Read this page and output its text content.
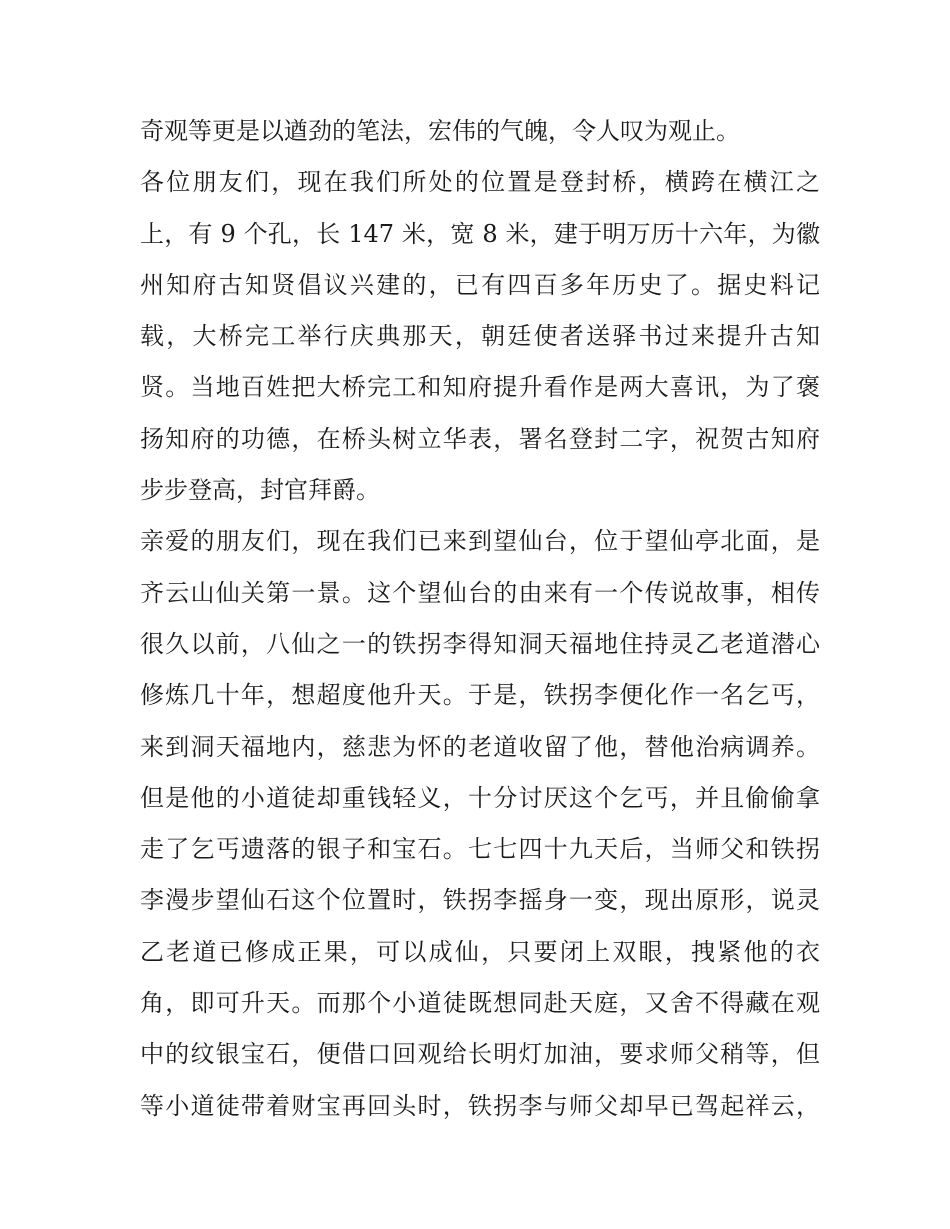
奇观等更是以遒劲的笔法，宏伟的气魄，令人叹为观止。
各位朋友们，现在我们所处的位置是登封桥，横跨在横江之
上，有 9 个孔，长 147 米，宽 8 米，建于明万历十六年，为徽
州知府古知贤倡议兴建的，已有四百多年历史了。据史料记
载，大桥完工举行庆典那天，朝廷使者送驿书过来提升古知
贤。当地百姓把大桥完工和知府提升看作是两大喜讯，为了褒
扬知府的功德，在桥头树立华表，署名登封二字，祝贺古知府
步步登高，封官拜爵。
亲爱的朋友们，现在我们已来到望仙台，位于望仙亭北面，是
齐云山仙关第一景。这个望仙台的由来有一个传说故事，相传
很久以前，八仙之一的铁拐李得知洞天福地住持灵乙老道潜心
修炼几十年，想超度他升天。于是，铁拐李便化作一名乞丐，
来到洞天福地内，慈悲为怀的老道收留了他，替他治病调养。
但是他的小道徒却重钱轻义，十分讨厌这个乞丐，并且偷偷拿
走了乞丐遗落的银子和宝石。七七四十九天后，当师父和铁拐
李漫步望仙石这个位置时，铁拐李摇身一变，现出原形，说灵
乙老道已修成正果，可以成仙，只要闭上双眼，拽紧他的衣
角，即可升天。而那个小道徒既想同赴天庭，又舍不得藏在观
中的纹银宝石，便借口回观给长明灯加油，要求师父稍等，但
等小道徒带着财宝再回头时，铁拐李与师父却早已驾起祥云，
